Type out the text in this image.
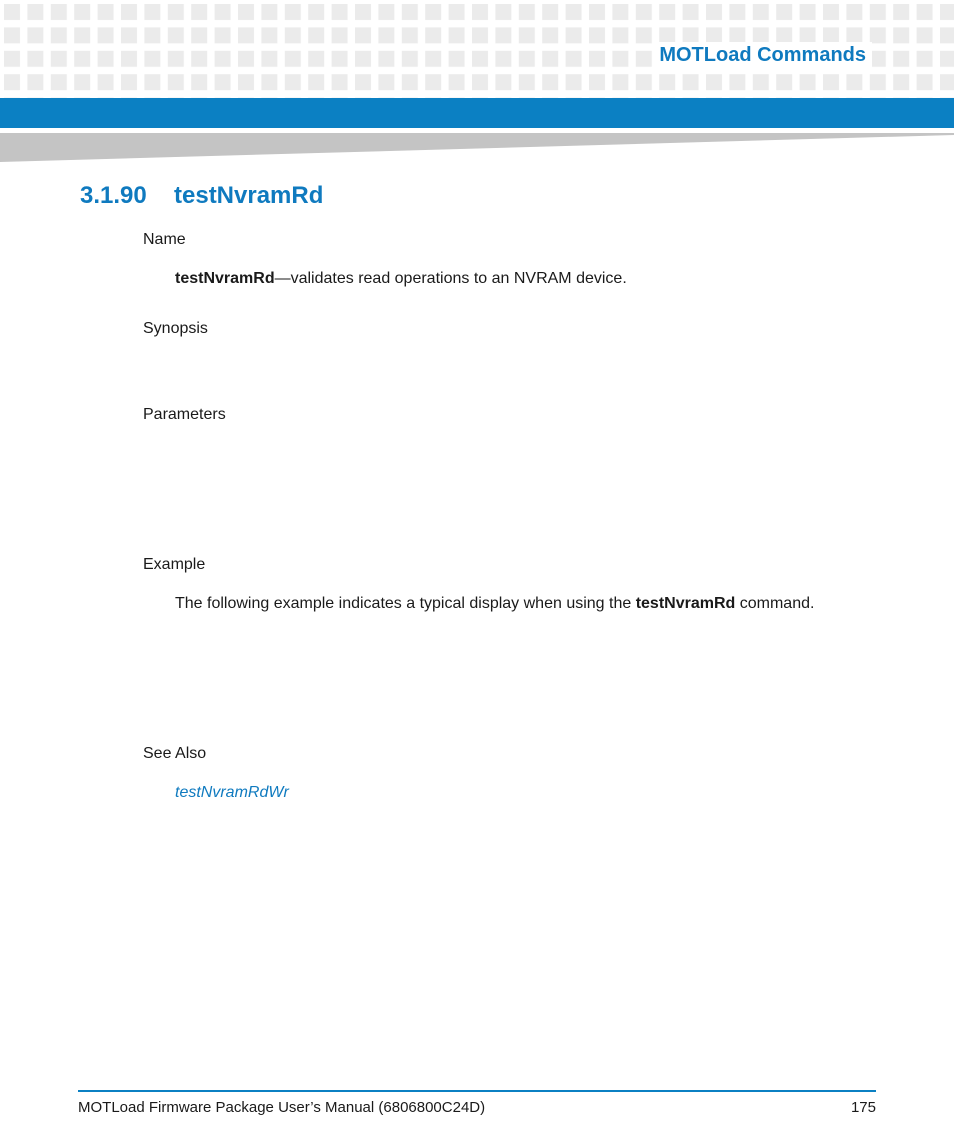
MOTLoad Commands
3.1.90 testNvramRd
Name
testNvramRd—validates read operations to an NVRAM device.
Synopsis
Parameters
Example
The following example indicates a typical display when using the testNvramRd command.
See Also
testNvramRdWr
MOTLoad Firmware Package User’s Manual (6806800C24D)	175
